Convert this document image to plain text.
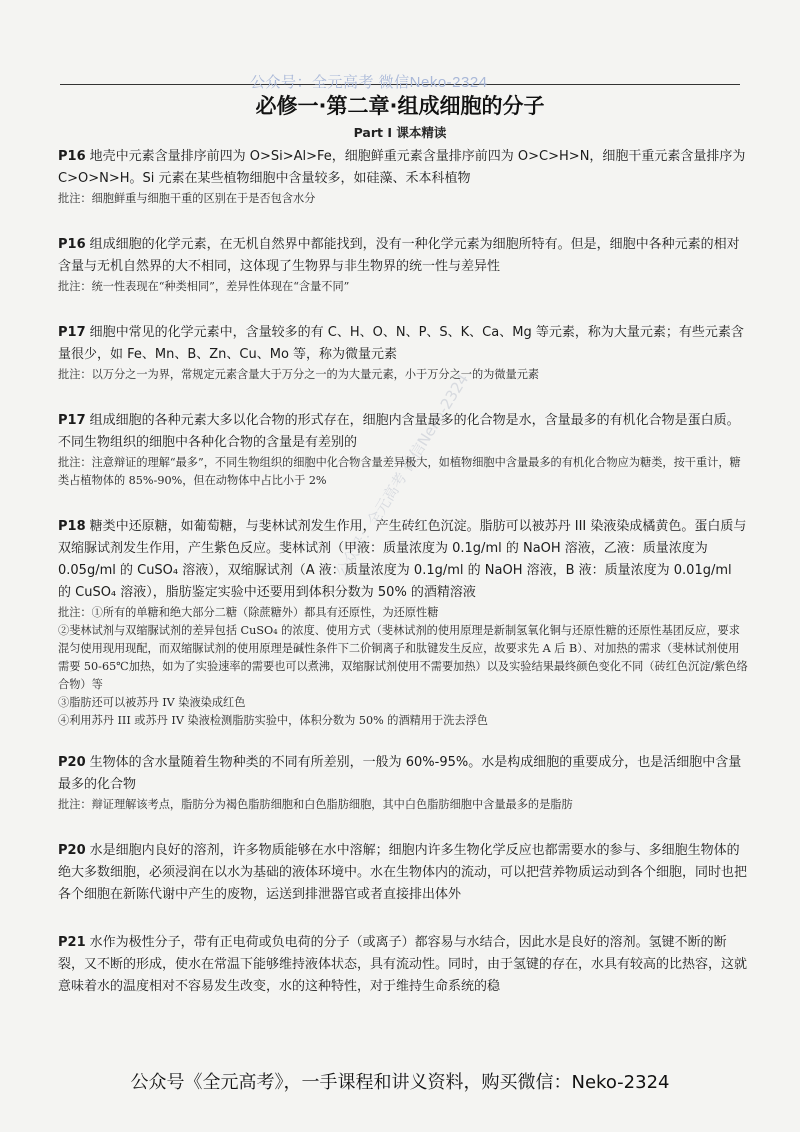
公众号：全元高考 微信Neko-2324
公众号：全元高考 微信Neko-2324
必修一·第二章·组成细胞的分子
Part I 课本精读
P16 地壳中元素含量排序前四为 O>Si>Al>Fe，细胞鲜重元素含量排序前四为 O>C>H>N，细胞干重元素含量排序为 C>O>N>H。Si 元素在某些植物细胞中含量较多，如硅藻、禾本科植物
批注：细胞鲜重与细胞干重的区别在于是否包含水分
P16 组成细胞的化学元素，在无机自然界中都能找到，没有一种化学元素为细胞所特有。但是，细胞中各种元素的相对含量与无机自然界的大不相同，这体现了生物界与非生物界的统一性与差异性
批注：统一性表现在“种类相同”，差异性体现在“含量不同”
P17 细胞中常见的化学元素中，含量较多的有 C、H、O、N、P、S、K、Ca、Mg 等元素，称为大量元素；有些元素含量很少，如 Fe、Mn、B、Zn、Cu、Mo 等，称为微量元素
批注：以万分之一为界，常规定元素含量大于万分之一的为大量元素，小于万分之一的为微量元素
P17 组成细胞的各种元素大多以化合物的形式存在，细胞内含量最多的化合物是水，含量最多的有机化合物是蛋白质。不同生物组织的细胞中各种化合物的含量是有差别的
批注：注意辩证的理解“最多”，不同生物组织的细胞中化合物含量差异极大，如植物细胞中含量最多的有机化合物应为糖类，按干重计，糖类占植物体的 85%-90%，但在动物体中占比小于 2%
P18 糖类中还原糖，如葡萄糖，与斐林试剂发生作用，产生砖红色沉淀。脂肪可以被苏丹 III 染液染成橘黄色。蛋白质与双缩脲试剂发生作用，产生紫色反应。斐林试剂（甲液：质量浓度为 0.1g/ml 的 NaOH 溶液，乙液：质量浓度为 0.05g/ml 的 CuSO₄ 溶液），双缩脲试剂（A 液：质量浓度为 0.1g/ml 的 NaOH 溶液，B 液：质量浓度为 0.01g/ml 的 CuSO₄ 溶液），脂肪鉴定实验中还要用到体积分数为 50% 的酒精溶液
批注：①所有的单糖和绝大部分二糖（除蔗糖外）都具有还原性，为还原性糖
②斐林试剂与双缩脲试剂的差异包括 CuSO₄ 的浓度、使用方式（斐林试剂的使用原理是新制氢氧化铜与还原性糖的还原性基团反应，要求混匀使用现用现配，而双缩脲试剂的使用原理是碱性条件下二价铜离子和肽键发生反应，故要求先 A 后 B）、对加热的需求（斐林试剂使用需要 50-65℃加热，如为了实验速率的需要也可以煮沸，双缩脲试剂使用不需要加热）以及实验结果最终颜色变化不同（砖红色沉淀/紫色络合物）等
③脂肪还可以被苏丹 IV 染液染成红色
④利用苏丹 III 或苏丹 IV 染液检测脂肪实验中，体积分数为 50% 的酒精用于洗去浮色
P20 生物体的含水量随着生物种类的不同有所差别，一般为 60%-95%。水是构成细胞的重要成分，也是活细胞中含量最多的化合物
批注：辩证理解该考点，脂肪分为褐色脂肪细胞和白色脂肪细胞，其中白色脂肪细胞中含量最多的是脂肪
P20 水是细胞内良好的溶剂，许多物质能够在水中溶解；细胞内许多生物化学反应也都需要水的参与、多细胞生物体的绝大多数细胞，必须浸润在以水为基础的液体环境中。水在生物体内的流动，可以把营养物质运动到各个细胞，同时也把各个细胞在新陈代谢中产生的废物，运送到排泄器官或者直接排出体外
P21 水作为极性分子，带有正电荷或负电荷的分子（或离子）都容易与水结合，因此水是良好的溶剂。氢键不断的断裂，又不断的形成，使水在常温下能够维持液体状态，具有流动性。同时，由于氢键的存在，水具有较高的比热容，这就意味着水的温度相对不容易发生改变，水的这种特性，对于维持生命系统的稳
公众号《全元高考》，一手课程和讲义资料，购买微信：Neko-2324
